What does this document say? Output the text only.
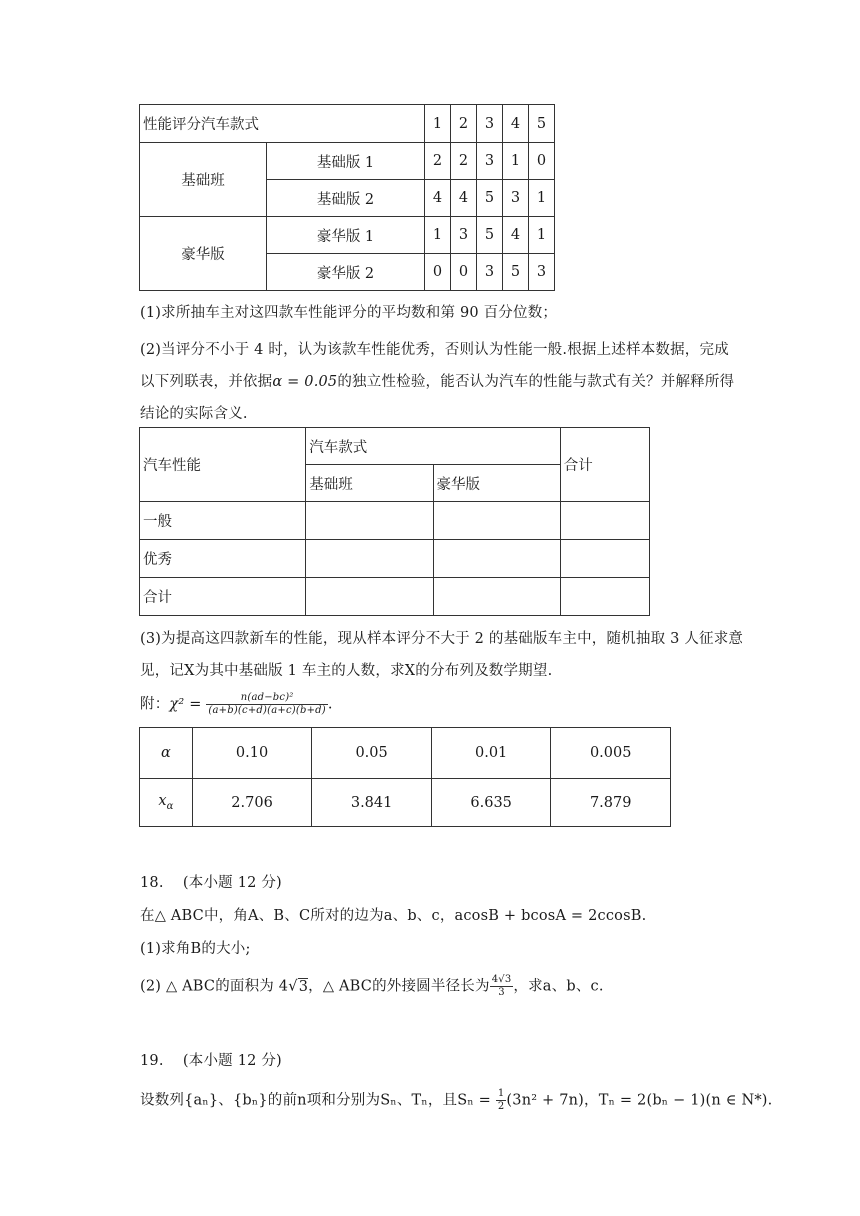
性能评分汽车款式		1	2	3	4	5
基础班	基础版 1	2	2	3	1	0
	基础版 2	4	4	5	3	1
豪华版	豪华版 1	1	3	5	4	1
	豪华版 2	0	0	3	5	3
(1)求所抽车主对这四款车性能评分的平均数和第 90 百分位数；
(2)当评分不小于 4 时，认为该款车性能优秀，否则认为性能一般.根据上述样本数据，完成
以下列联表，并依据α = 0.05的独立性检验，能否认为汽车的性能与款式有关？并解释所得
结论的实际含义.
汽车性能	汽车款式		合计
	基础班	豪华版	
一般			
优秀			
合计			
(3)为提高这四款新车的性能，现从样本评分不大于 2 的基础版车主中，随机抽取 3 人征求意
见，记X为其中基础版 1 车主的人数，求X的分布列及数学期望.
附：$\chi^2 = \frac{\text{n(ad−bc)²}}{(a+b)(c+d)(a+c)(b+d)}$ .
α	0.10	0.05	0.01	0.005
$x_\alpha$	2.706	3.841	6.635	7.879
18. (本小题 12 分)
在△ ABC中，角A、B、C所对的边为a、b、c，acosB + bcosA = 2ccosB.
(1)求角B的大小;
(2) △ ABC的面积为 4√3，△ ABC的外接圆半径长为 $\frac{4√3}{3}$ ，求a、b、c.
19. (本小题 12 分)
设数列{aₙ}、{bₙ}的前n项和分别为Sₙ、Tₙ，且$S_n = \frac{1}{2} (3n^2 + 7n)$，Tₙ = 2(bₙ − 1)(n ∈ N*).
